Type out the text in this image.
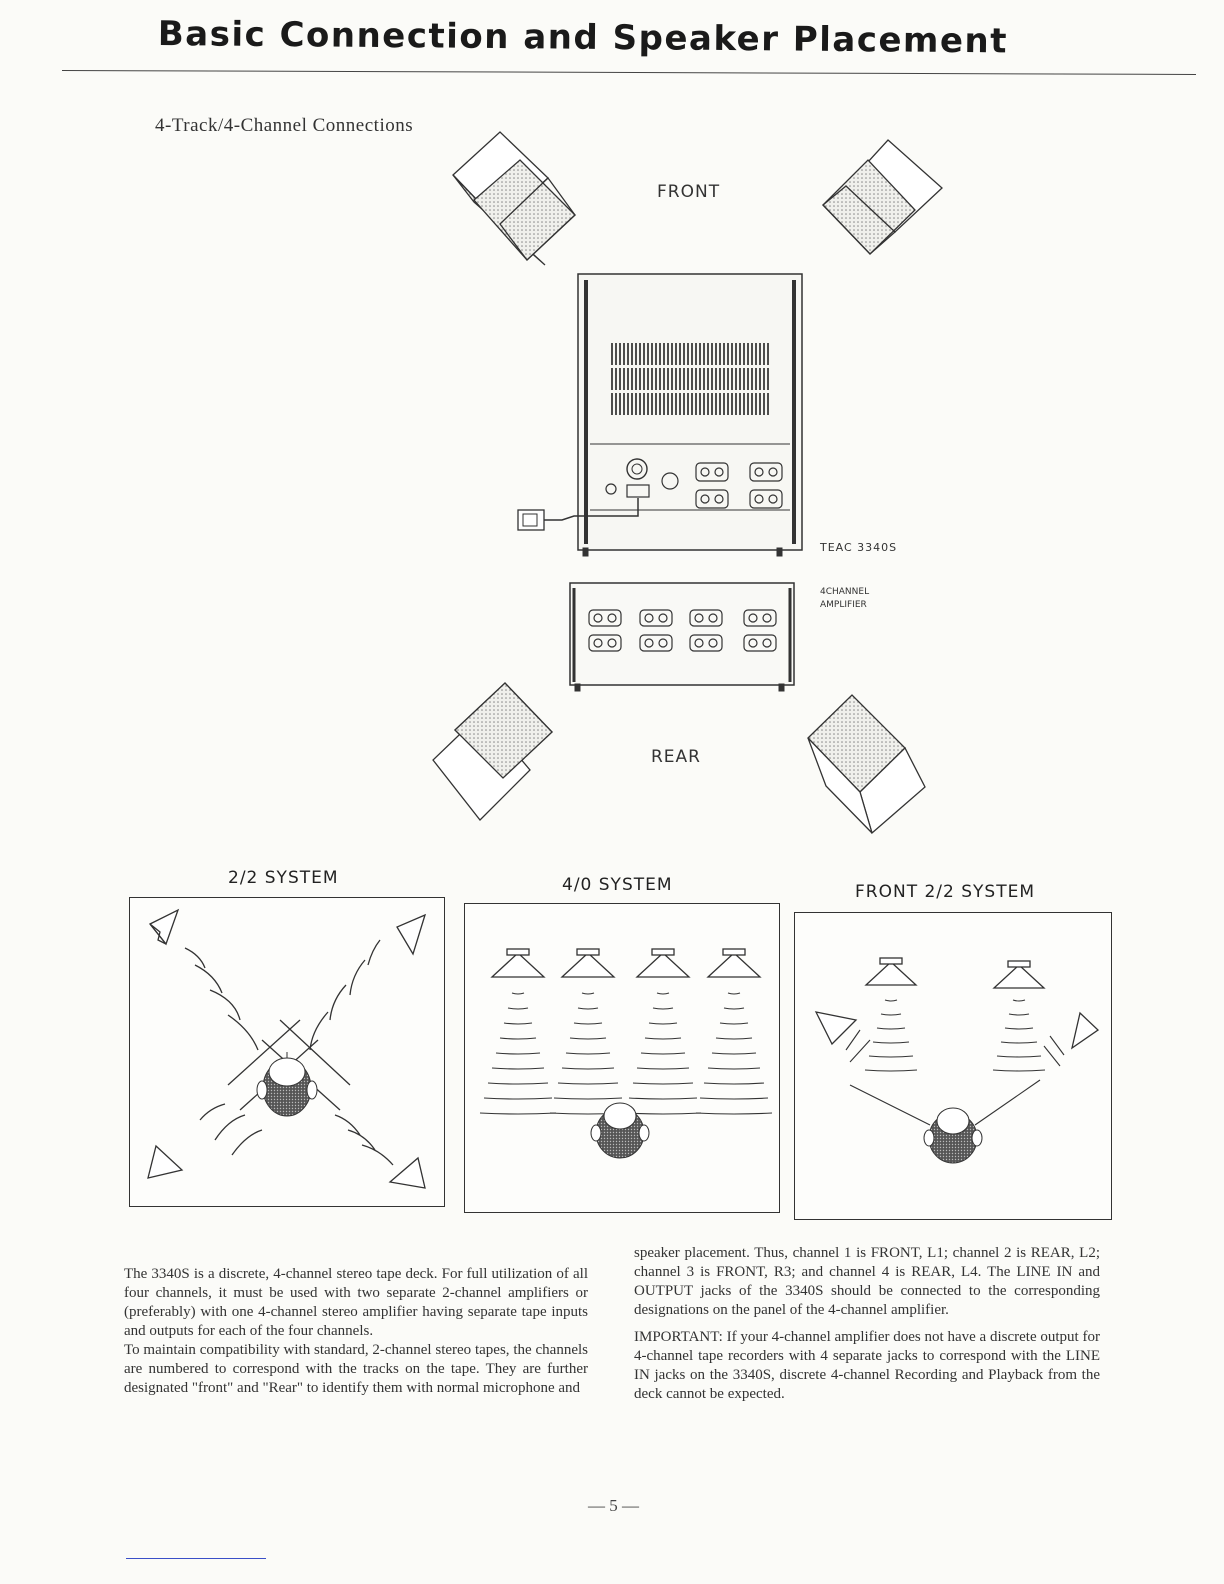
Basic Connection and Speaker Placement
4-Track/4-Channel Connections
FRONT
REAR
TEAC 3340S
4CHANNEL AMPLIFIER
2/2 SYSTEM	4/0 SYSTEM	FRONT 2/2 SYSTEM

The 3340S is a discrete, 4-channel stereo tape deck. For full utilization of all four channels, it must be used with two separate 2-channel amplifiers or (preferably) with one 4-channel stereo amplifier having separate tape inputs and outputs for each of the four channels.

To maintain compatibility with standard, 2-channel stereo tapes, the channels are numbered to correspond with the tracks on the tape. They are further designated "front" and "Rear" to identify them with normal microphone and

speaker placement. Thus, channel 1 is FRONT, L1; channel 2 is REAR, L2; channel 3 is FRONT, R3; and channel 4 is REAR, L4. The LINE IN and OUTPUT jacks of the 3340S should be connected to the corresponding designations on the panel of the 4-channel amplifier.

IMPORTANT: If your 4-channel amplifier does not have a discrete output for 4-channel tape recorders with 4 separate jacks to correspond with the LINE IN jacks on the 3340S, discrete 4-channel Recording and Playback from the deck cannot be expected.

— 5 —
